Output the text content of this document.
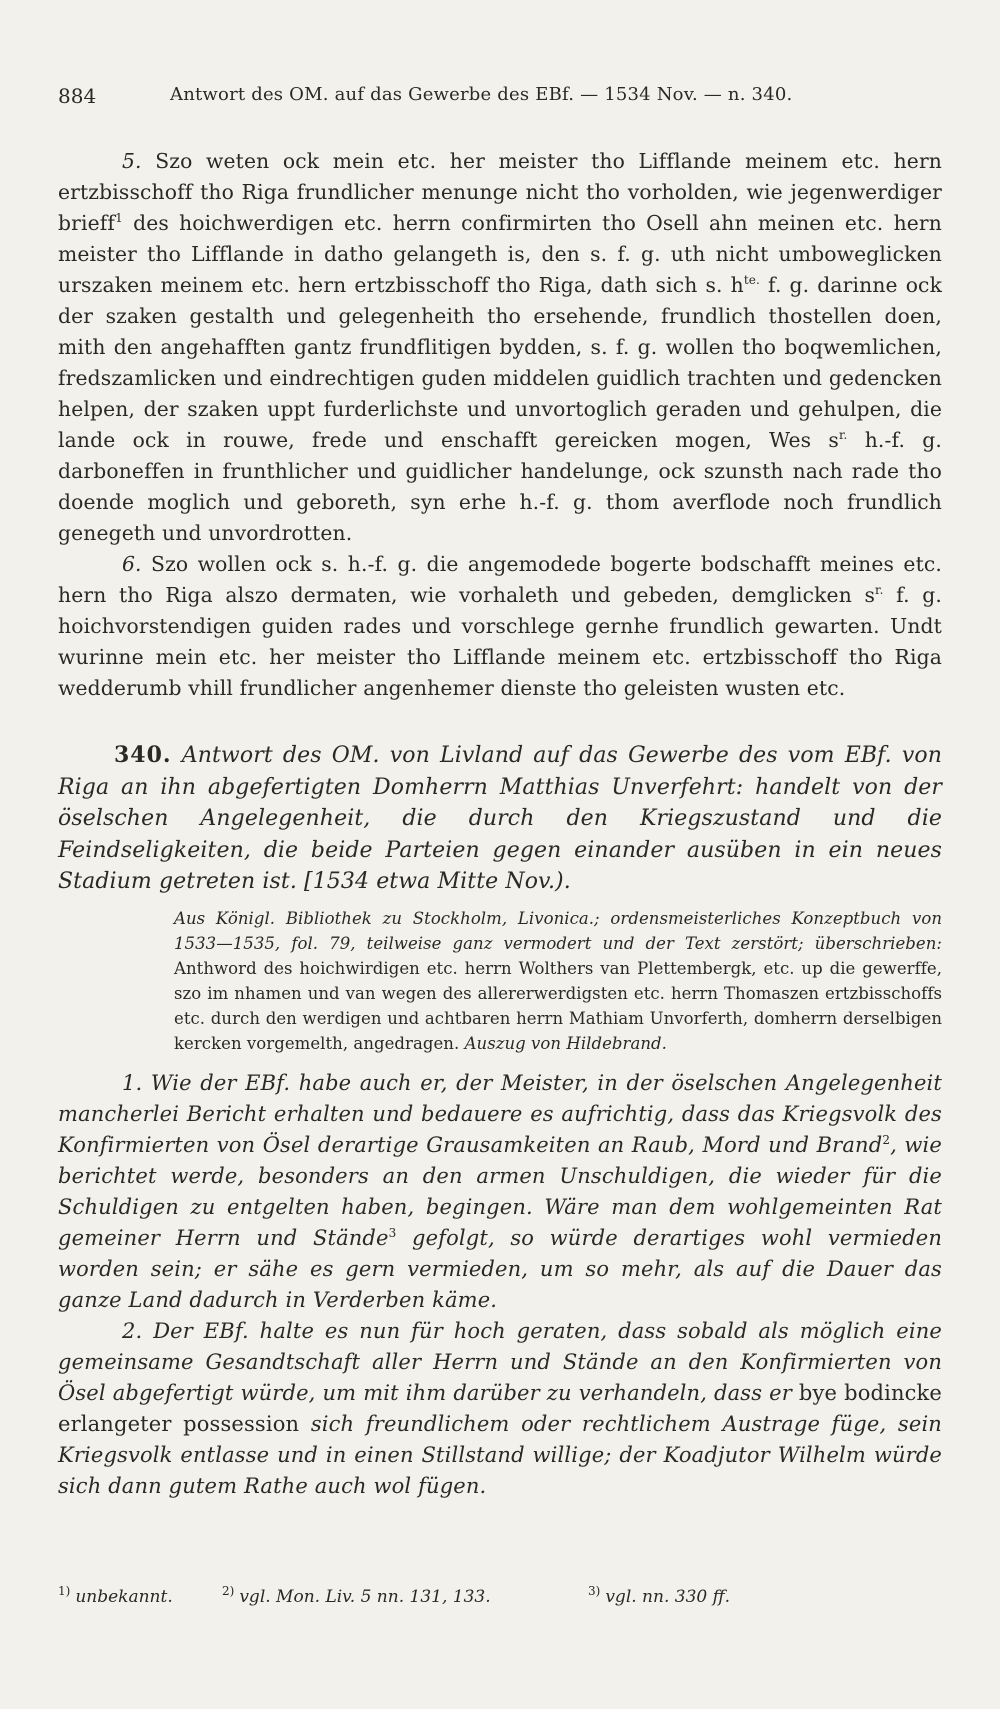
884	Antwort des OM. auf das Gewerbe des EBf. — 1534 Nov. — n. 340.

5. Szo weten ock mein etc. her meister tho Lifflande meinem etc. hern ertzbisschoff tho Riga frundlicher menunge nicht tho vorholden, wie jegenwerdiger brieff$^1$ des hoichwerdigen etc. herrn confirmirten tho Osell ahn meinen etc. hern meister tho Lifflande in datho gelangeth is, den s. f. g. uth nicht umboweglicken urszaken meinem etc. hern ertzbisschoff tho Riga, dath sich s. $h^{te.}$ f. g. darinne ock der szaken gestalth und gelegenheith tho ersehende, frundlich thostellen doen, mith den angehafften gantz frundflitigen bydden, s. f. g. wollen tho boqwemlichen, fredszamlicken und eindrechtigen guden middelen guidlich trachten und gedencken helpen, der szaken uppt furderlichste und unvortoglich geraden und gehulpen, die lande ock in rouwe, frede und enschafft gereicken mogen, Wes $s^{r.}$ h.-f. g. darboneffen in frunthlicher und guidlicher handelunge, ock szunsth nach rade tho doende moglich und geboreth, syn erhe h.-f. g. thom averflode noch frundlich genegeth und unvordrotten.

6. Szo wollen ock s. h.-f. g. die angemodede bogerte bodschafft meines etc. hern tho Riga alszo dermaten, wie vorhaleth und gebeden, demglicken $s^{r.}$ f. g. hoichvorstendigen guiden rades und vorschlege gernhe frundlich gewarten. Undt wurinne mein etc. her meister tho Lifflande meinem etc. ertzbisschoff tho Riga wedderumb vhill frundlicher angenhemer dienste tho geleisten wusten etc.

340. Antwort des OM. von Livland auf das Gewerbe des vom EBf. von Riga an ihn abgefertigten Domherrn Matthias Unverfehrt: handelt von der öselschen Angelegenheit, die durch den Kriegszustand und die Feindseligkeiten, die beide Parteien gegen einander ausüben in ein neues Stadium getreten ist. [1534 etwa Mitte Nov.).
Aus Königl. Bibliothek zu Stockholm, Livonica.; ordensmeisterliches Konzeptbuch von 1533—1535, fol. 79, teilweise ganz vermodert und der Text zerstört; überschrieben: Anthword des hoichwirdigen etc. herrn Wolthers van Plettembergk, etc. up die gewerffe, szo im nhamen und van wegen des allererwerdigsten etc. herrn Thomaszen ertzbisschoffs etc. durch den werdigen und achtbaren herrn Mathiam Unvorferth, domherrn derselbigen kercken vorgemelth, angedragen. Auszug von Hildebrand.

1. Wie der EBf. habe auch er, der Meister, in der öselschen Angelegenheit mancherlei Bericht erhalten und bedauere es aufrichtig, dass das Kriegsvolk des Konfirmierten von Ösel derartige Grausamkeiten an Raub, Mord und Brand$^2$, wie berichtet werde, besonders an den armen Unschuldigen, die wieder für die Schuldigen zu entgelten haben, begingen. Wäre man dem wohlgemeinten Rat gemeiner Herrn und Stände$^3$ gefolgt, so würde derartiges wohl vermieden worden sein; er sähe es gern vermieden, um so mehr, als auf die Dauer das ganze Land dadurch in Verderben käme.

2. Der EBf. halte es nun für hoch geraten, dass sobald als möglich eine gemeinsame Gesandtschaft aller Herrn und Stände an den Konfirmierten von Ösel abgefertigt würde, um mit ihm darüber zu verhandeln, dass er bye bodincke erlangeter possession sich freundlichem oder rechtlichem Austrage füge, sein Kriegsvolk entlasse und in einen Stillstand willige; der Koadjutor Wilhelm würde sich dann gutem Rathe auch wol fügen.

$^{1)}$ unbekannt.	$^{2)}$ vgl. Mon. Liv. 5 nn. 131, 133.	$^{3)}$ vgl. nn. 330 ff.
